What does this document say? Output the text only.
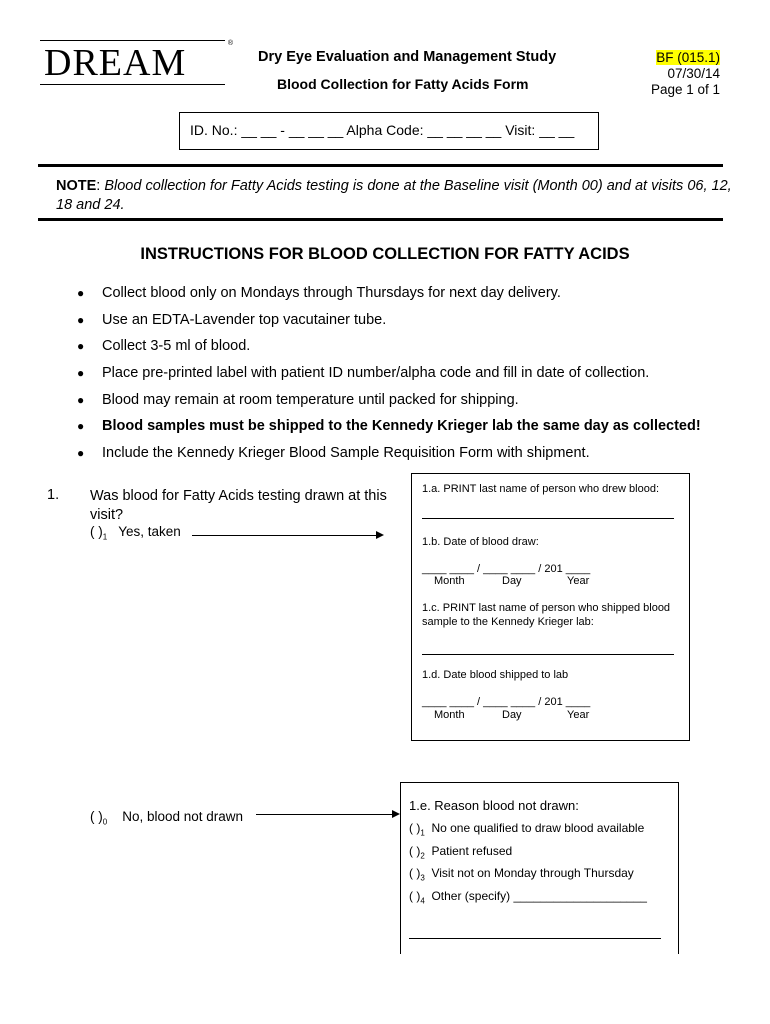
DREAM	®
Dry Eye Evaluation and Management Study
Blood Collection for Fatty Acids Form
BF (015.1)
07/30/14
Page 1 of 1
ID. No.: __ __ - __ __ __ Alpha Code: __ __ __ __ Visit: __ __
NOTE: Blood collection for Fatty Acids testing is done at the Baseline visit (Month 00) and at visits 06, 12, 18 and 24.
INSTRUCTIONS FOR BLOOD COLLECTION FOR FATTY ACIDS
● Collect blood only on Mondays through Thursdays for next day delivery.
● Use an EDTA-Lavender top vacutainer tube.
● Collect 3-5 ml of blood.
● Place pre-printed label with patient ID number/alpha code and fill in date of collection.
● Blood may remain at room temperature until packed for shipping.
● Blood samples must be shipped to the Kennedy Krieger lab the same day as collected!
● Include the Kennedy Krieger Blood Sample Requisition Form with shipment.
1. Was blood for Fatty Acids testing drawn at this visit?
( )$_1$ Yes, taken
( )$_0$ No, blood not drawn
1.a. PRINT last name of person who drew blood:
1.b. Date of blood draw:
____ ____ / ____ ____ / 201 ____
Month	Day	Year
1.c. PRINT last name of person who shipped blood sample to the Kennedy Krieger lab:
1.d. Date blood shipped to lab
____ ____ / ____ ____ / 201 ____
Month	Day	Year
1.e. Reason blood not drawn:
( )$_1$ No one qualified to draw blood available
( )$_2$ Patient refused
( )$_3$ Visit not on Monday through Thursday
( )$_4$ Other (specify) ____________________
